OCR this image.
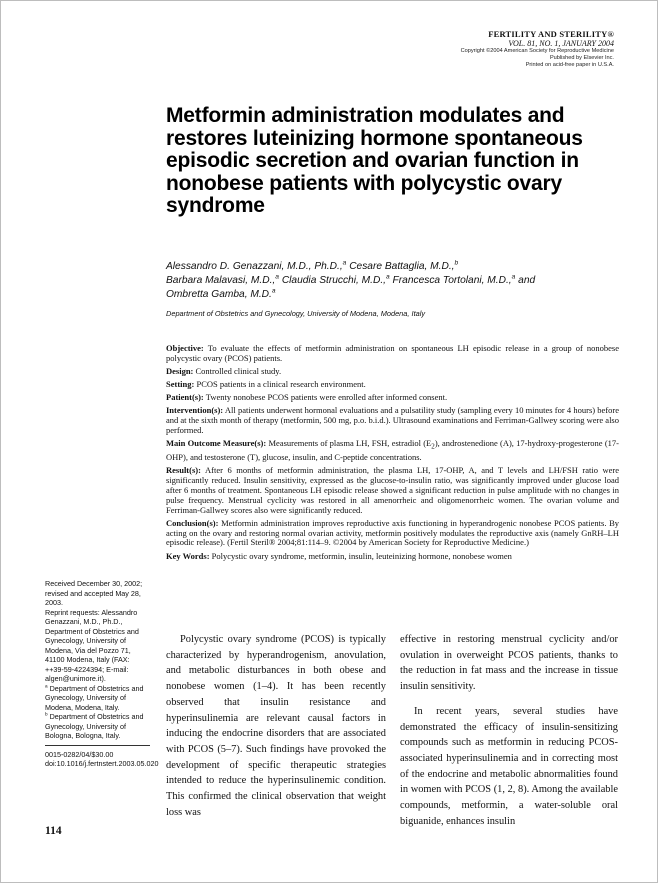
FERTILITY AND STERILITY®
VOL. 81, NO. 1, JANUARY 2004
Copyright ©2004 American Society for Reproductive Medicine
Published by Elsevier Inc.
Printed on acid-free paper in U.S.A.
Metformin administration modulates and restores luteinizing hormone spontaneous episodic secretion and ovarian function in nonobese patients with polycystic ovary syndrome
Alessandro D. Genazzani, M.D., Ph.D.,$^a$ Cesare Battaglia, M.D.,$^b$
Barbara Malavasi, M.D.,$^a$ Claudia Strucchi, M.D.,$^a$ Francesca Tortolani, M.D.,$^a$ and
Ombretta Gamba, M.D.$^a$
Department of Obstetrics and Gynecology, University of Modena, Modena, Italy

Objective: To evaluate the effects of metformin administration on spontaneous LH episodic release in a group of nonobese polycystic ovary (PCOS) patients.

Design: Controlled clinical study.

Setting: PCOS patients in a clinical research environment.

Patient(s): Twenty nonobese PCOS patients were enrolled after informed consent.

Intervention(s): All patients underwent hormonal evaluations and a pulsatility study (sampling every 10 minutes for 4 hours) before and at the sixth month of therapy (metformin, 500 mg, p.o. b.i.d.). Ultrasound examinations and Ferriman-Gallwey scoring were also performed.

Main Outcome Measure(s): Measurements of plasma LH, FSH, estradiol $(E_2)$, androstenedione (A), 17-hydroxy-progesterone (17-OHP), and testosterone (T), glucose, insulin, and C-peptide concentrations.

Result(s): After 6 months of metformin administration, the plasma LH, 17-OHP, A, and T levels and LH/FSH ratio were significantly reduced. Insulin sensitivity, expressed as the glucose-to-insulin ratio, was significantly improved under glucose load after 6 months of treatment. Spontaneous LH episodic release showed a significant reduction in pulse amplitude with no changes in pulse frequency. Menstrual cyclicity was restored in all amenorrheic and oligomenorrheic women. The ovarian volume and Ferriman-Gallwey scores also were significantly reduced.

Conclusion(s): Metformin administration improves reproductive axis functioning in hyperandrogenic nonobese PCOS patients. By acting on the ovary and restoring normal ovarian activity, metformin positively modulates the reproductive axis (namely GnRH–LH episodic release). (Fertil Steril® 2004;81:114–9. ©2004 by American Society for Reproductive Medicine.)

Key Words: Polycystic ovary syndrome, metformin, insulin, leuteinizing hormone, nonobese women

Received December 30, 2002; revised and accepted May 28, 2003.

Reprint requests: Alessandro Genazzani, M.D., Ph.D., Department of Obstetrics and Gynecology, University of Modena, Via del Pozzo 71, 41100 Modena, Italy (FAX: ++39-59-4224394; E-mail: algen@unimore.it).

$^a$ Department of Obstetrics and Gynecology, University of Modena, Modena, Italy.

$^b$ Department of Obstetrics and Gynecology, University of Bologna, Bologna, Italy.

0015-0282/04/$30.00

doi:10.1016/j.fertnstert.2003.05.020

114

Polycystic ovary syndrome (PCOS) is typically characterized by hyperandrogenism, anovulation, and metabolic disturbances in both obese and nonobese women (1–4). It has been recently observed that insulin resistance and hyperinsulinemia are relevant causal factors in inducing the endocrine disorders that are associated with PCOS (5–7). Such findings have provoked the development of specific therapeutic strategies intended to reduce the hyperinsulinemic condition. This confirmed the clinical observation that weight loss was

effective in restoring menstrual cyclicity and/or ovulation in overweight PCOS patients, thanks to the reduction in fat mass and the increase in tissue insulin sensitivity.

In recent years, several studies have demonstrated the efficacy of insulin-sensitizing compounds such as metformin in reducing PCOS-associated hyperinsulinemia and in correcting most of the endocrine and metabolic abnormalities found in women with PCOS (1, 2, 8). Among the available compounds, metformin, a water-soluble oral biguanide, enhances insulin
